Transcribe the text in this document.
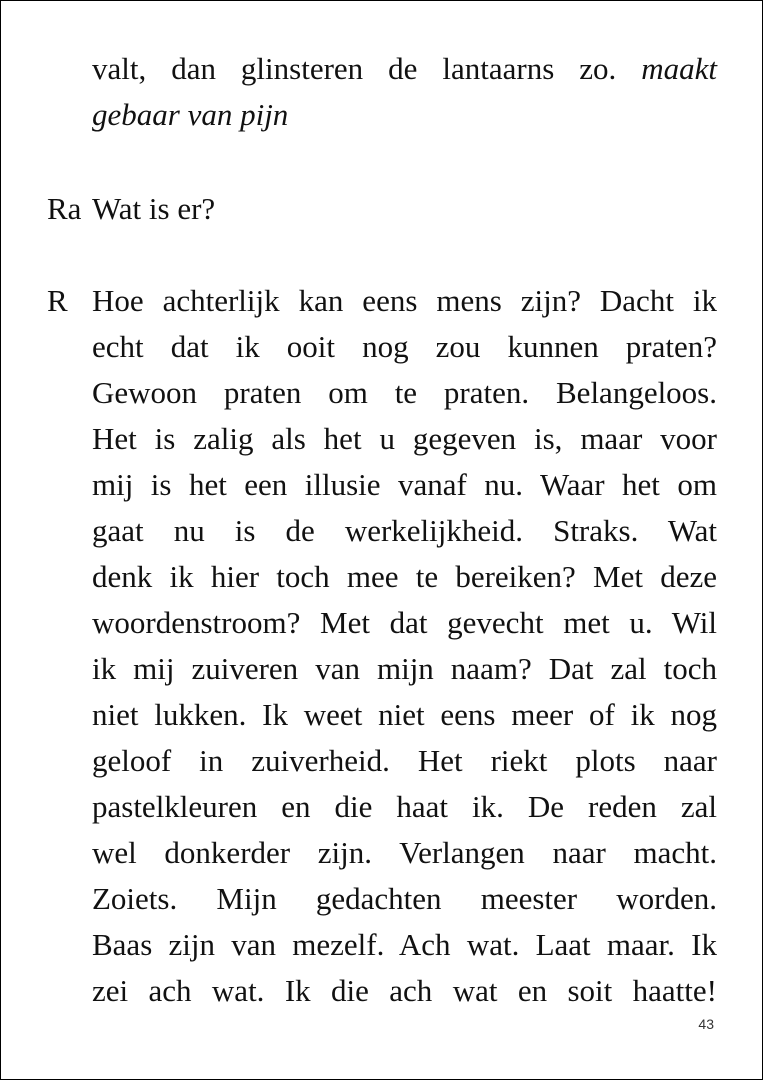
valt, dan glinsteren de lantaarns zo. maakt
gebaar van pijn
Ra Wat is er?
R Hoe achterlijk kan eens mens zijn? Dacht ik
echt dat ik ooit nog zou kunnen praten?
Gewoon praten om te praten. Belangeloos.
Het is zalig als het u gegeven is, maar voor
mij is het een illusie vanaf nu. Waar het om
gaat nu is de werkelijkheid. Straks. Wat
denk ik hier toch mee te bereiken? Met deze
woordenstroom? Met dat gevecht met u. Wil
ik mij zuiveren van mijn naam? Dat zal toch
niet lukken. Ik weet niet eens meer of ik nog
geloof in zuiverheid. Het riekt plots naar
pastelkleuren en die haat ik. De reden zal
wel donkerder zijn. Verlangen naar macht.
Zoiets. Mijn gedachten meester worden.
Baas zijn van mezelf. Ach wat. Laat maar. Ik
zei ach wat. Ik die ach wat en soit haatte!
43
